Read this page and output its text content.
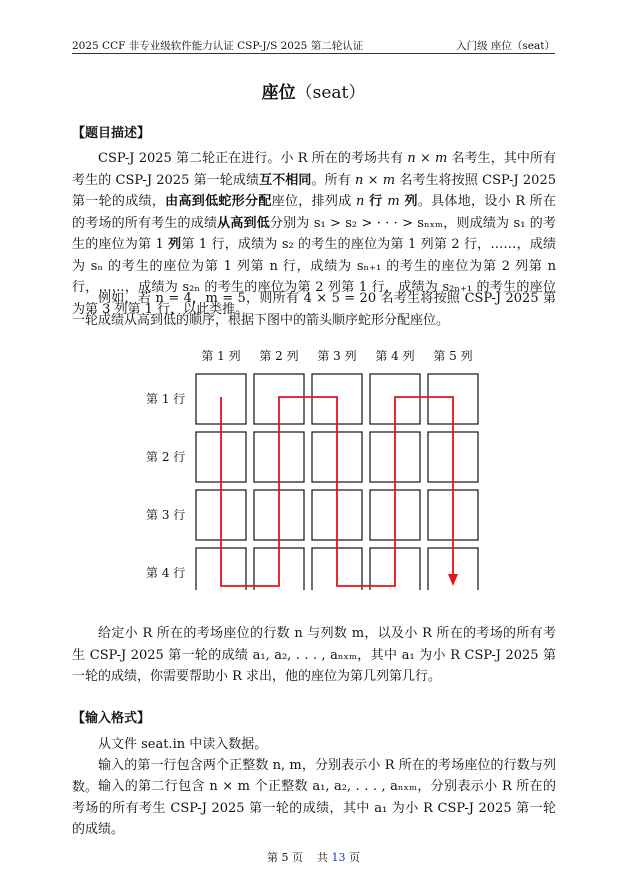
2025 CCF 非专业级软件能力认证 CSP-J/S 2025 第二轮认证	入门级 座位（seat）
座位（seat）
【题目描述】
CSP-J 2025 第二轮正在进行。小 R 所在的考场共有 n × m 名考生，其中所有考生的 CSP-J 2025 第一轮成绩互不相同。所有 n × m 名考生将按照 CSP-J 2025 第一轮的成绩，由高到低蛇形分配座位，排列成 n 行 m 列。具体地，设小 R 所在的考场的所有考生的成绩从高到低分别为 s₁ > s₂ > · · · > sₙₓₘ，则成绩为 s₁ 的考生的座位为第 1 列第 1 行，成绩为 s₂ 的考生的座位为第 1 列第 2 行，……，成绩为 sₙ 的考生的座位为第 1 列第 n 行，成绩为 sₙ₊₁ 的考生的座位为第 2 列第 n 行，……，成绩为 s₂ₙ 的考生的座位为第 2 列第 1 行，成绩为 s₂ₙ₊₁ 的考生的座位为第 3 列第 1 行，以此类推。
例如，若 n = 4，m = 5，则所有 4 × 5 = 20 名考生将按照 CSP-J 2025 第一轮成绩从高到低的顺序，根据下图中的箭头顺序蛇形分配座位。
第 1 列 第 2 列 第 3 列 第 4 列 第 5 列
第 1 行
第 2 行
第 3 行
第 4 行
给定小 R 所在的考场座位的行数 n 与列数 m，以及小 R 所在的考场的所有考生 CSP-J 2025 第一轮的成绩 a₁, a₂, . . . , aₙₓₘ，其中 a₁ 为小 R CSP-J 2025 第一轮的成绩，你需要帮助小 R 求出，他的座位为第几列第几行。
【输入格式】
从文件 seat.in 中读入数据。
输入的第一行包含两个正整数 n, m，分别表示小 R 所在的考场座位的行数与列数。 输入的第二行包含 n × m 个正整数 a₁, a₂, . . . , aₙₓₘ，分别表示小 R 所在的考场的所有考生 CSP-J 2025 第一轮的成绩，其中 a₁ 为小 R CSP-J 2025 第一轮的成绩。
第 5 页 共 13 页
